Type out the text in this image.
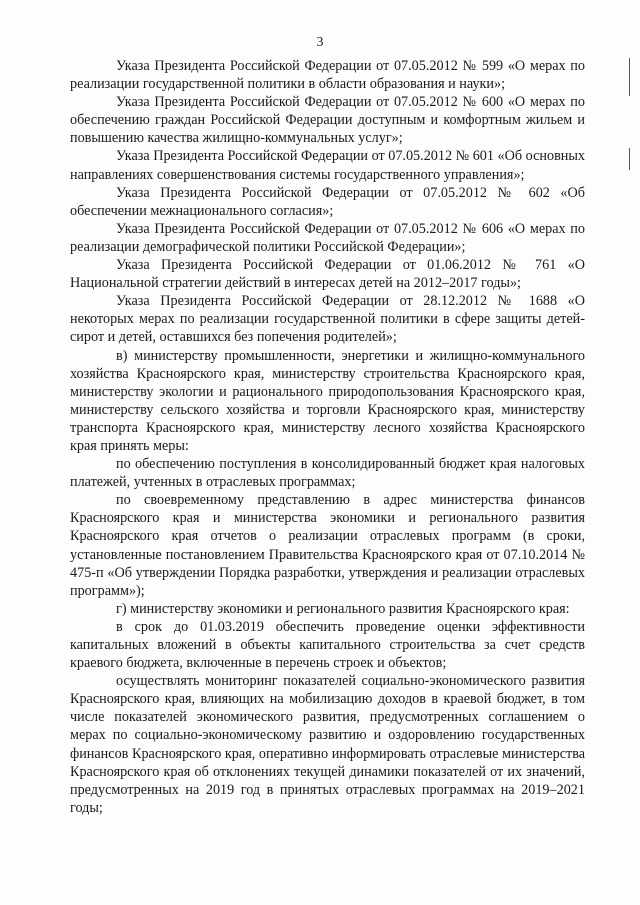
3

Указа Президента Российской Федерации от 07.05.2012 № 599 «О мерах по реализации государственной политики в области образования и науки»;

Указа Президента Российской Федерации от 07.05.2012 № 600 «О мерах по обеспечению граждан Российской Федерации доступным и комфортным жильем и повышению качества жилищно-коммунальных услуг»;

Указа Президента Российской Федерации от 07.05.2012 № 601 «Об основных направлениях совершенствования системы государственного управления»;

Указа Президента Российской Федерации от 07.05.2012 № 602 «Об обеспечении межнационального согласия»;

Указа Президента Российской Федерации от 07.05.2012 № 606 «О мерах по реализации демографической политики Российской Федерации»;

Указа Президента Российской Федерации от 01.06.2012 № 761 «О Национальной стратегии действий в интересах детей на 2012–2017 годы»;

Указа Президента Российской Федерации от 28.12.2012 № 1688 «О некоторых мерах по реализации государственной политики в сфере защиты детей-сирот и детей, оставшихся без попечения родителей»;

в) министерству промышленности, энергетики и жилищно-коммунального хозяйства Красноярского края, министерству строительства Красноярского края, министерству экологии и рационального природопользования Красноярского края, министерству сельского хозяйства и торговли Красноярского края, министерству транспорта Красноярского края, министерству лесного хозяйства Красноярского края принять меры:

по обеспечению поступления в консолидированный бюджет края налоговых платежей, учтенных в отраслевых программах;

по своевременному представлению в адрес министерства финансов Красноярского края и министерства экономики и регионального развития Красноярского края отчетов о реализации отраслевых программ (в сроки, установленные постановлением Правительства Красноярского края от 07.10.2014 № 475-п «Об утверждении Порядка разработки, утверждения и реализации отраслевых программ»);

г) министерству экономики и регионального развития Красноярского края:

в срок до 01.03.2019 обеспечить проведение оценки эффективности капитальных вложений в объекты капитального строительства за счет средств краевого бюджета, включенные в перечень строек и объектов;

осуществлять мониторинг показателей социально-экономического развития Красноярского края, влияющих на мобилизацию доходов в краевой бюджет, в том числе показателей экономического развития, предусмотренных соглашением о мерах по социально-экономическому развитию и оздоровлению государственных финансов Красноярского края, оперативно информировать отраслевые министерства Красноярского края об отклонениях текущей динамики показателей от их значений, предусмотренных на 2019 год в принятых отраслевых программах на 2019–2021 годы;
